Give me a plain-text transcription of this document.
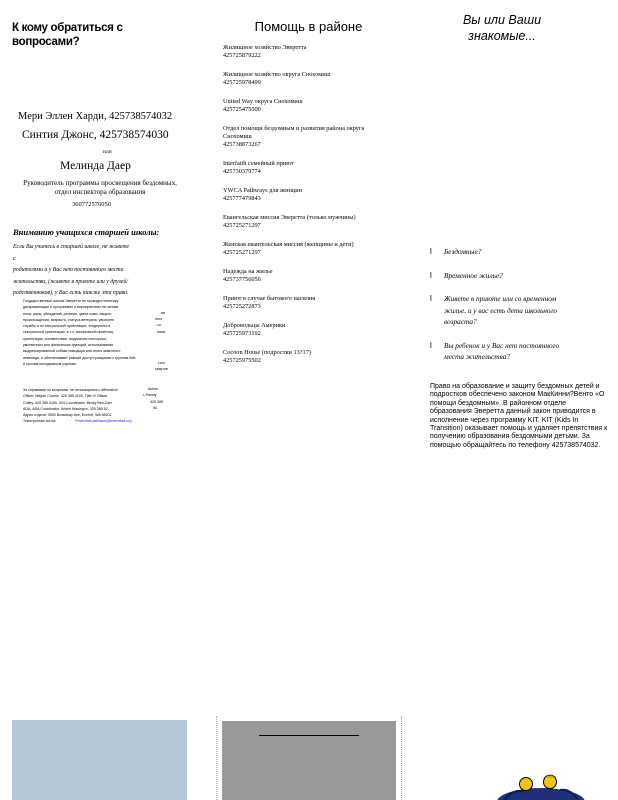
К кому обратиться с вопросами?
Мери Эллен Харди, 425738574032
Синтия Джонс, 425738574030
или
Мелинда Даер
Руководитель программы просвещения бездомных, отдел инспектора образования
360772576050
Вниманию учащихся старшей школы:
Если Вы учитесь в старшей школе, не живете с
родителями и у Вас нет постоянного места
жительства, (живете в приюте или у друзей/
родственников), у Вас есть также эти права.
Государственные школы Эверетта не проводят политику
дискриминации и программах и мероприятиях на основе
пола, расы, убеждений, религии, цвета кожи, национ
происхождения, возраста, статуса ветерана, увольнен
службы и по сексуальной ориентации, тендерного в
сексуальной ориентации, в т.ч. сексуальной ориентац
ориентации, соответствия, нарушения сенсорных,
умственных или физических функций, использования
выдрессированной собаки-поводыря или иного животного
инвалида, и обеспечивают равный доступ учащимся к группам бой
и прочим молодежным группам.
ии
ного
со
ения,
того
скаутов
За справками по вопросам, не относящимся к Affirmative
Officer, Megan Crouse, 425 385 4100, Title IX Officer
Coffey, 425 385 4100, 504 Coordinator, Becky Ben-Dan
ADA: ADA Coordinator, Kristin Wasingon, 425 385 52
Адрес отдела: 3900 Broadway Ave, Everett, WA 98201
Электронная почта:	FirstInitialLastName@everettsd.org
Action
r, Randy
425 385
50.
Помощь в районе
Жилищное хозяйство Эверетта
425725879222
Жилищное хозяйство округа Снохомиш
425725978499
United Way округа Снохомиш
425725475500
Отдел помощи бездомным и развития района округа Снохомиш
425738873267
Interfaith семейный приют
425730379774
YWCA Pathways для женщин
425777479843
Евангельская миссия Эверетта (только мужчины)
425725271297
Женская евангельская миссия (женщины и дети)
425725271297
Надежда на жилье
425737756056
Приют в случае бытового насилия
425725272873
Добровольцы Америки
425725973192
Cocoon House (подростки 13?17)
425725975502
Вы или Ваши знакомые...
l Бездомные?
l Временное жилье?
l Живете в приюте или со временном жилье, и у вас есть дети школьного возраста?
l Вы ребенок и у Вас нет постоянного места жительства?
Право на образование и защиту бездомных детей и подростков обеспечено законом МакКинни?Венто «О помощи бездомным». В районном отделе образования Эверетта данный закон приводится в исполнение через программу KIT. KIT (Kids In Transition) оказывает помощь и удаляет препятствия к получению образования бездомными детьми. За помощью обращайтесь по телефону 425738574032.
